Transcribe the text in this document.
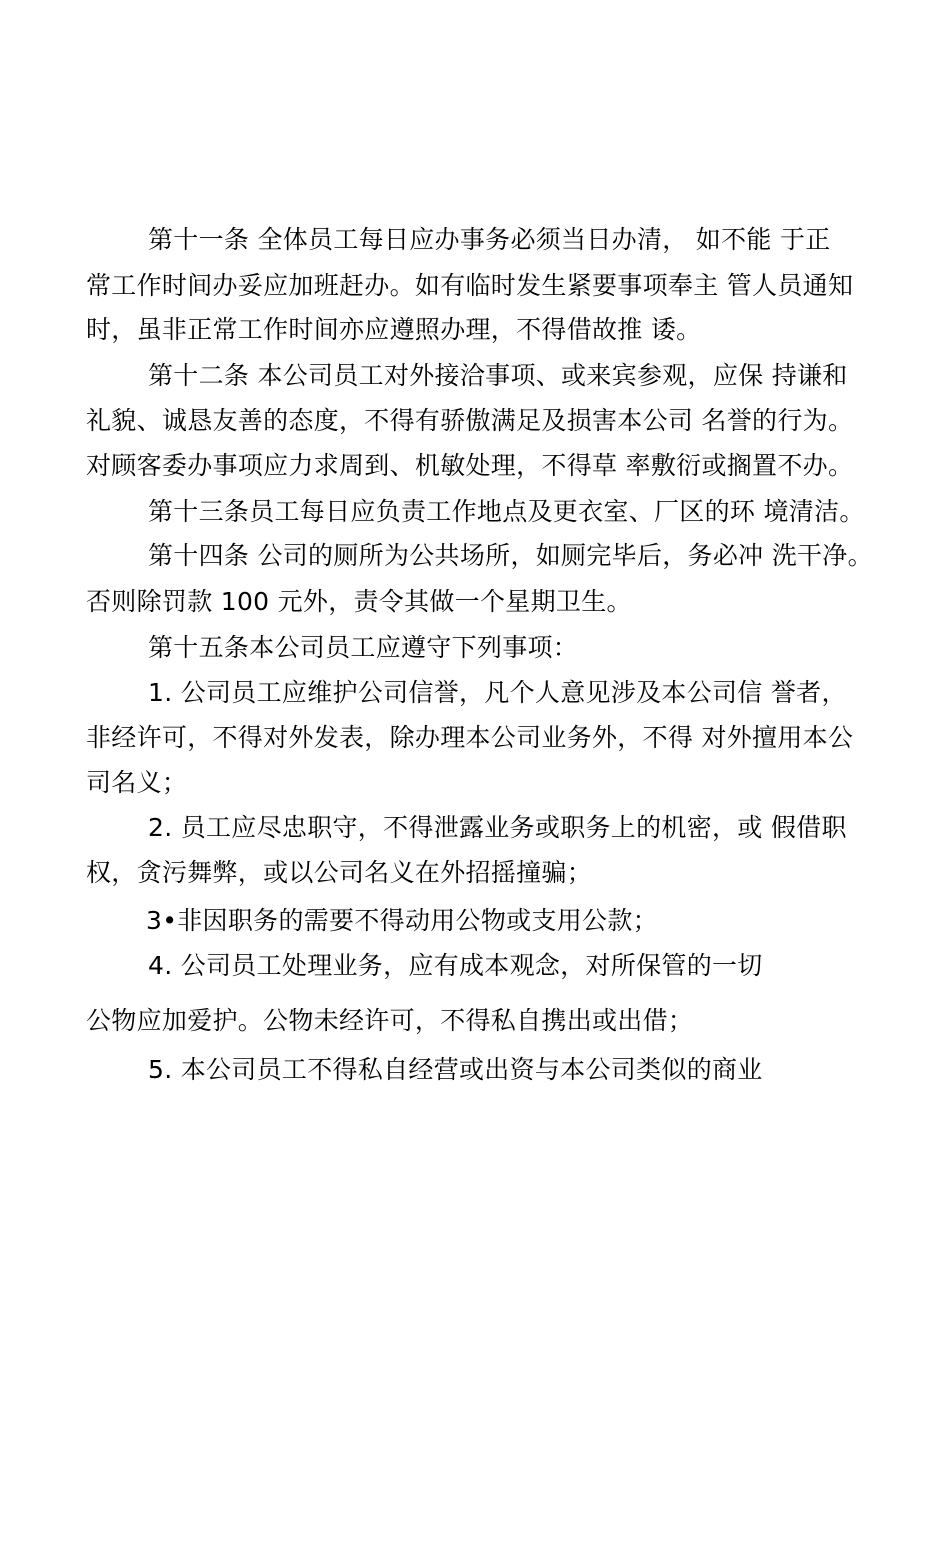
第十一条 全体员工每日应办事务必须当日办清， 如不能 于正
常工作时间办妥应加班赶办。如有临时发生紧要事项奉主 管人员通知
时，虽非正常工作时间亦应遵照办理，不得借故推 诿。
第十二条 本公司员工对外接洽事项、或来宾参观，应保 持谦和
礼貌、诚恳友善的态度，不得有骄傲满足及损害本公司 名誉的行为。
对顾客委办事项应力求周到、机敏处理，不得草 率敷衍或搁置不办。
第十三条员工每日应负责工作地点及更衣室、厂区的环 境清洁。
第十四条 公司的厕所为公共场所，如厕完毕后，务必冲 洗干净。
否则除罚款 100 元外，责令其做一个星期卫生。
第十五条本公司员工应遵守下列事项：
1. 公司员工应维护公司信誉，凡个人意见涉及本公司信 誉者，
非经许可，不得对外发表，除办理本公司业务外，不得 对外擅用本公
司名义；
2. 员工应尽忠职守，不得泄露业务或职务上的机密，或 假借职
权，贪污舞弊，或以公司名义在外招摇撞骗；
3•非因职务的需要不得动用公物或支用公款；
4. 公司员工处理业务，应有成本观念，对所保管的一切
公物应加爱护。公物未经许可，不得私自携出或出借；
5. 本公司员工不得私自经营或出资与本公司类似的商业
